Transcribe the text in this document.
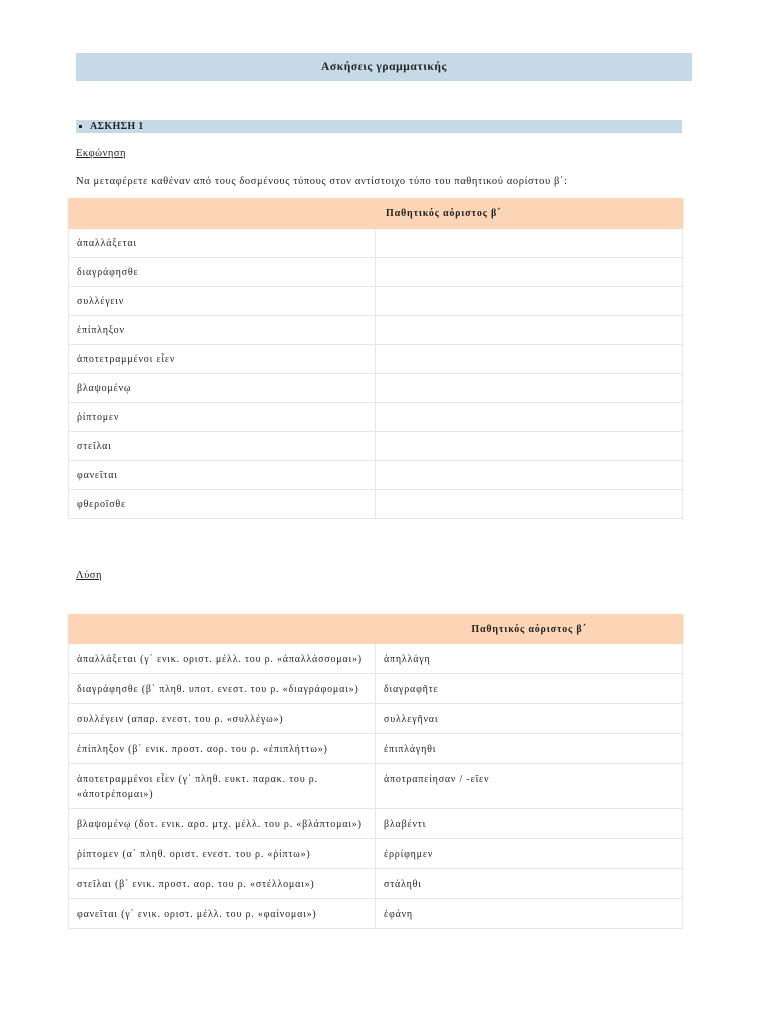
Ασκήσεις γραμματικής
ΑΣΚΗΣΗ 1
Εκφώνηση
Να μεταφέρετε καθέναν από τους δοσμένους τύπους στον αντίστοιχο τύπο του παθητικού αορίστου β΄:
	Παθητικός αόριστος β΄
ἀπαλλάξεται	
διαγράφησθε	
συλλέγειν	
ἐπίπληξον	
ἀποτετραμμένοι εἶεν	
βλαψομένῳ	
ῥίπτομεν	
στεῖλαι	
φανεῖται	
φθεροῖσθε	
Λύση
	Παθητικός αόριστος β΄
ἀπαλλάξεται (γ΄ ενικ. οριστ. μέλλ. του ρ. «ἀπαλλάσσομαι»)	ἀπηλλάγη
διαγράφησθε (β΄ πληθ. υποτ. ενεστ. του ρ. «διαγράφομαι»)	διαγραφῆτε
συλλέγειν (απαρ. ενεστ. του ρ. «συλλέγω»)	συλλεγῆναι
ἐπίπληξον (β΄ ενικ. προστ. αορ. του ρ. «ἐπιπλήττω»)	ἐπιπλάγηθι
ἀποτετραμμένοι εἶεν (γ΄ πληθ. ευκτ. παρακ. του ρ. «ἀποτρέπομαι»)	ἀποτραπείησαν / -εῖεν
βλαψομένῳ (δοτ. ενικ. αρσ. μτχ. μέλλ. του ρ. «βλάπτομαι»)	βλαβέντι
ῥίπτομεν (α΄ πληθ. οριστ. ενεστ. του ρ. «ῥίπτω»)	ἐρρίφημεν
στεῖλαι (β΄ ενικ. προστ. αορ. του ρ. «στέλλομαι»)	στάληθι
φανεῖται (γ΄ ενικ. οριστ. μέλλ. του ρ. «φαίνομαι»)	ἐφάνη
